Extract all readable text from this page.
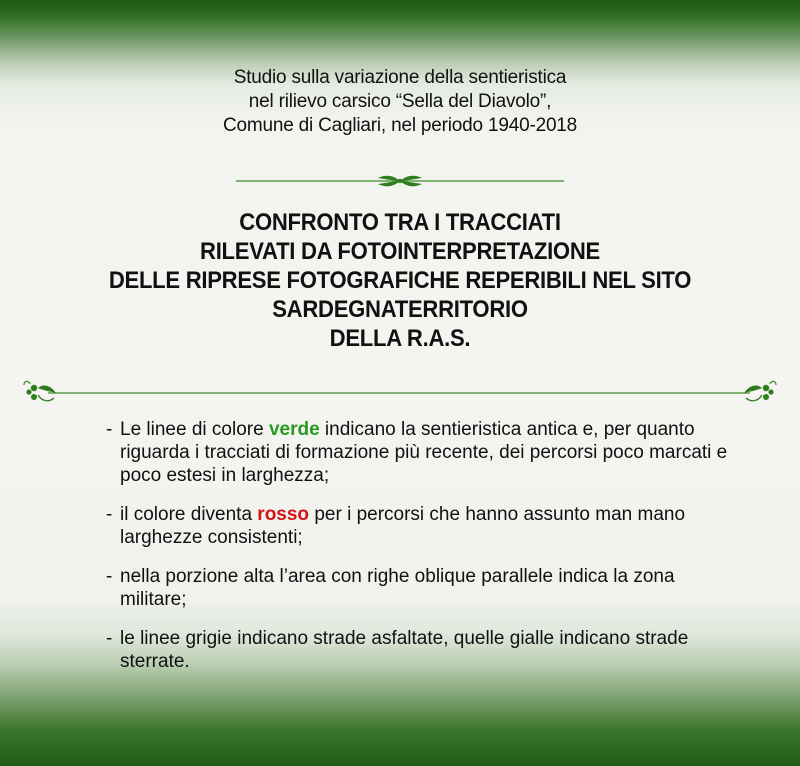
Studio sulla variazione della sentieristica
nel rilievo carsico “Sella del Diavolo”,
Comune di Cagliari, nel periodo 1940-2018
CONFRONTO TRA I TRACCIATI
RILEVATI DA FOTOINTERPRETAZIONE
DELLE RIPRESE FOTOGRAFICHE REPERIBILI NEL SITO
SARDEGNATERRITORIO
DELLA R.A.S.
- Le linee di colore verde indicano la sentieristica antica e, per quanto riguarda i tracciati di formazione più recente, dei percorsi poco marcati e poco estesi in larghezza;
- il colore diventa rosso per i percorsi che hanno assunto man mano larghezze consistenti;
- nella porzione alta l’area con righe oblique parallele indica la zona militare;
- le linee grigie indicano strade asfaltate, quelle gialle indicano strade sterrate.
